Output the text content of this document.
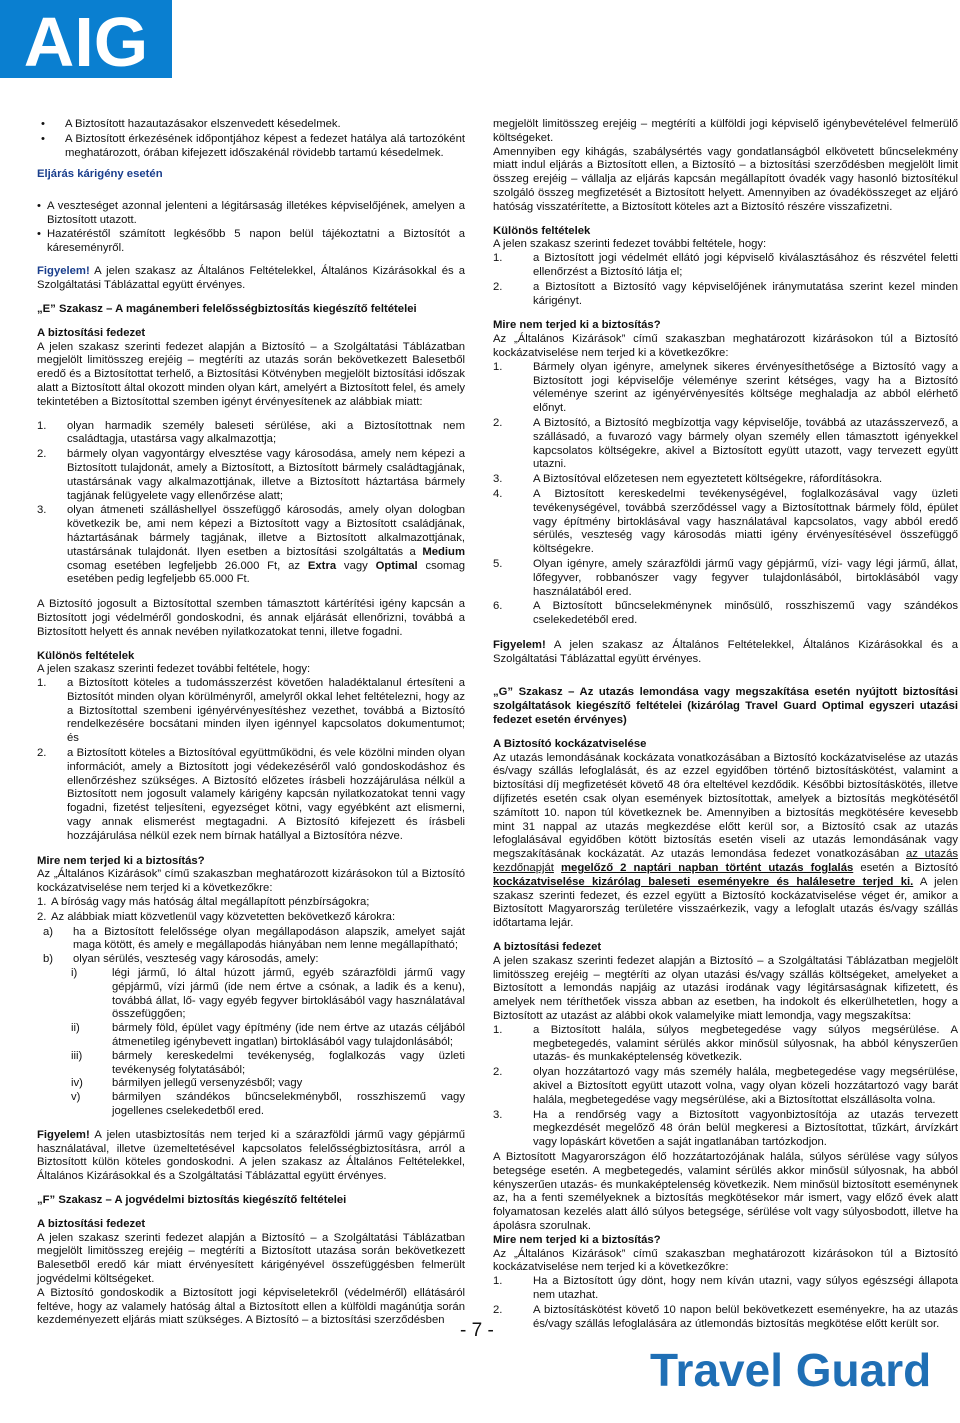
AIG

• A Biztosított hazautazásakor elszenvedett késedelmek.

• A Biztosított érkezésének időpontjához képest a fedezet hatálya alá tartozóként meghatározott, órában kifejezett időszakénál rövidebb tartamú késedelmek.

Eljárás kárigény esetén

• A veszteséget azonnal jelenteni a légitársaság illetékes képviselőjének, amelyen a Biztosított utazott.

• Hazatéréstől számított legkésőbb 5 napon belül tájékoztatni a Biztosítót a káreseményről.

Figyelem! A jelen szakasz az Általános Feltételekkel, Általános Kizárásokkal és a Szolgáltatási Táblázattal együtt érvényes.

„E” Szakasz – A magánemberi felelősségbiztosítás kiegészítő feltételei

A biztosítási fedezet

A jelen szakasz szerinti fedezet alapján a Biztosító – a Szolgáltatási Táblázatban megjelölt limitösszeg erejéig – megtéríti az utazás során bekövetkezett Balesetből eredő és a Biztosítottat terhelő, a Biztosítási Kötvényben megjelölt biztosítási időszak alatt a Biztosított által okozott minden olyan kárt, amelyért a Biztosított felel, és amely tekintetében a Biztosítottal szemben igényt érvényesítenek az alábbiak miatt:

1.	olyan harmadik személy baleseti sérülése, aki a Biztosítottnak nem családtagja, utastársa vagy alkalmazottja;
2.	bármely olyan vagyontárgy elvesztése vagy károsodása, amely nem képezi a Biztosított tulajdonát, amely a Biztosított, a Biztosított bármely családtagjának, utastársának vagy alkalmazottjának, illetve a Biztosított háztartása bármely tagjának felügyelete vagy ellenőrzése alatt;
3.	olyan átmeneti szálláshellyel összefüggő károsodás, amely olyan dologban következik be, ami nem képezi a Biztosított vagy a Biztosított családjának, háztartásának bármely tagjának, illetve a Biztosított alkalmazottjának, utastársának tulajdonát. Ilyen esetben a biztosítási szolgáltatás a Medium csomag esetében legfeljebb 26.000 Ft, az Extra vagy Optimal csomag esetében pedig legfeljebb 65.000 Ft.

A Biztosító jogosult a Biztosítottal szemben támasztott kártérítési igény kapcsán a Biztosított jogi védelméről gondoskodni, és annak eljárását ellenőrizni, továbbá a Biztosított helyett és annak nevében nyilatkozatokat tenni, illetve fogadni.

Különös feltételek

A jelen szakasz szerinti fedezet további feltétele, hogy:

1.	a Biztosított köteles a tudomásszerzést követően haladéktalanul értesíteni a Biztosítót minden olyan körülményről, amelyről okkal lehet feltételezni, hogy az a Biztosítottal szembeni igényérvényesítéshez vezethet, továbbá a Biztosító rendelkezésére bocsátani minden ilyen igénnyel kapcsolatos dokumentumot; és
2.	a Biztosított köteles a Biztosítóval együttműködni, és vele közölni minden olyan információt, amely a Biztosított jogi védekezéséről való gondoskodáshoz és ellenőrzéshez szükséges. A Biztosító előzetes írásbeli hozzájárulása nélkül a Biztosított nem jogosult valamely kárigény kapcsán nyilatkozatokat tenni vagy fogadni, fizetést teljesíteni, egyezséget kötni, vagy egyébként azt elismerni, vagy annak elismerést megtagadni. A Biztosító kifejezett és írásbeli hozzájárulása nélkül ezek nem bírnak hatállyal a Biztosítóra nézve.

Mire nem terjed ki a biztosítás?

Az „Általános Kizárások” című szakaszban meghatározott kizárásokon túl a Biztosító kockázatviselése nem terjed ki a következőkre:

1. A bíróság vagy más hatóság által megállapított pénzbírságokra;
2. Az alábbiak miatt közvetlenül vagy közvetetten bekövetkező károkra:
a)	ha a Biztosított felelőssége olyan megállapodáson alapszik, amelyet saját maga kötött, és amely e megállapodás hiányában nem lenne megállapítható;
b)	olyan sérülés, veszteség vagy károsodás, amely:
i)	légi jármű, ló által húzott jármű, egyéb szárazföldi jármű vagy gépjármű, vízi jármű (ide nem értve a csónak, a ladik és a kenu), továbbá állat, lő- vagy egyéb fegyver birtoklásából vagy használatával összefüggően;
ii)	bármely föld, épület vagy építmény (ide nem értve az utazás céljából átmenetileg igénybevett ingatlan) birtoklásából vagy tulajdonlásából;
iii)	bármely kereskedelmi tevékenység, foglalkozás vagy üzleti tevékenység folytatásából;
iv)	bármilyen jellegű versenyzésből; vagy
v)	bármilyen szándékos bűncselekményből, rosszhiszemű vagy jogellenes cselekedetből ered.

Figyelem! A jelen utasbiztosítás nem terjed ki a szárazföldi jármű vagy gépjármű használatával, illetve üzemeltetésével kapcsolatos felelősségbiztosításra, arról a Biztosított külön köteles gondoskodni. A jelen szakasz az Általános Feltételekkel, Általános Kizárásokkal és a Szolgáltatási Táblázattal együtt érvényes.

„F” Szakasz – A jogvédelmi biztosítás kiegészítő feltételei

A biztosítási fedezet

A jelen szakasz szerinti fedezet alapján a Biztosító – a Szolgáltatási Táblázatban megjelölt limitösszeg erejéig – megtéríti a Biztosított utazása során bekövetkezett Balesetből eredő kár miatt érvényesített kárigényével összefüggésben felmerült jogvédelmi költségeket.

A Biztosító gondoskodik a Biztosított jogi képviseletekről (védelméről) ellátásáról feltéve, hogy az valamely hatóság által a Biztosított ellen a külföldi magánútja során kezdeményezett eljárás miatt szükséges. A Biztosító – a biztosítási szerződésben

megjelölt limitösszeg erejéig – megtéríti a külföldi jogi képviselő igénybevételével felmerülő költségeket.

Amennyiben egy kihágás, szabálysértés vagy gondatlanságból elkövetett bűncselekmény miatt indul eljárás a Biztosított ellen, a Biztosító – a biztosítási szerződésben megjelölt limit összeg erejéig – vállalja az eljárás kapcsán megállapított óvadék vagy hasonló biztosítékul szolgáló összeg megfizetését a Biztosított helyett. Amennyiben az óvadékösszeget az eljáró hatóság visszatérítette, a Biztosított köteles azt a Biztosító részére visszafizetni.

Különös feltételek

A jelen szakasz szerinti fedezet további feltétele, hogy:

1.	a Biztosított jogi védelmét ellátó jogi képviselő kiválasztásához és részvétel feletti ellenőrzést a Biztosító látja el;
2.	a Biztosított a Biztosító vagy képviselőjének iránymutatása szerint kezel minden kárigényt.

Mire nem terjed ki a biztosítás?

Az „Általános Kizárások” című szakaszban meghatározott kizárásokon túl a Biztosító kockázatviselése nem terjed ki a következőkre:

1.	Bármely olyan igényre, amelynek sikeres érvényesíthetősége a Biztosító vagy a Biztosított jogi képviselője véleménye szerint kétséges, vagy ha a Biztosító véleménye szerint az igényérvényesítés költsége meghaladja az abból elérhető előnyt.
2.	A Biztosító, a Biztosító megbízottja vagy képviselője, továbbá az utazásszervező, a szállásadó, a fuvarozó vagy bármely olyan személy ellen támasztott igényekkel kapcsolatos költségekre, akivel a Biztosított együtt utazott, vagy tervezett együtt utazni.
3.	A Biztosítóval előzetesen nem egyeztetett költségekre, ráfordításokra.
4.	A Biztosított kereskedelmi tevékenységével, foglalkozásával vagy üzleti tevékenységével, továbbá szerződéssel vagy a Biztosítottnak bármely föld, épület vagy építmény birtoklásával vagy használatával kapcsolatos, vagy abból eredő sérülés, veszteség vagy károsodás miatti igény érvényesítésével összefüggő költségekre.
5.	Olyan igényre, amely szárazföldi jármű vagy gépjármű, vízi- vagy légi jármű, állat, lőfegyver, robbanószer vagy fegyver tulajdonlásából, birtoklásából vagy használatából ered.
6.	A Biztosított bűncselekménynek minősülő, rosszhiszemű vagy szándékos cselekedetéből ered.

Figyelem! A jelen szakasz az Általános Feltételekkel, Általános Kizárásokkal és a Szolgáltatási Táblázattal együtt érvényes.

„G” Szakasz – Az utazás lemondása vagy megszakítása esetén nyújtott biztosítási szolgáltatások kiegészítő feltételei (kizárólag Travel Guard Optimal egyszeri utazási fedezet esetén érvényes)

A Biztosító kockázatviselése

Az utazás lemondásának kockázata vonatkozásában a Biztosító kockázatviselése az utazás és/vagy szállás lefoglalását, és az ezzel egyidőben történő biztosításkötést, valamint a biztosítási díj megfizetését követő 48 óra elteltével kezdődik. Későbbi biztosításkötés, illetve díjfizetés esetén csak olyan események biztosítottak, amelyek a biztosítás megkötésétől számított 10. napon túl következnek be. Amennyiben a biztosítás megkötésére kevesebb mint 31 nappal az utazás megkezdése előtt kerül sor, a Biztosító csak az utazás lefoglalásával egyidőben kötött biztosítás esetén viseli az utazás lemondásának vagy megszakításának kockázatát. Az utazás lemondása fedezet vonatkozásában az utazás kezdőnapját megelőző 2 naptári napban történt utazás foglalás esetén a Biztosító kockázatviselése kizárólag baleseti eseményekre és halálesetre terjed ki. A jelen szakasz szerinti fedezet, és ezzel együtt a Biztosító kockázatviselése véget ér, amikor a Biztosított Magyarország területére visszaérkezik, vagy a lefoglalt utazás és/vagy szállás időtartama lejár.

A biztosítási fedezet

A jelen szakasz szerinti fedezet alapján a Biztosító – a Szolgáltatási Táblázatban megjelölt limitösszeg erejéig – megtéríti az olyan utazási és/vagy szállás költségeket, amelyeket a Biztosított a lemondás napjáig az utazási irodának vagy légitársaságnak kifizetett, és amelyek nem téríthetőek vissza abban az esetben, ha indokolt és elkerülhetetlen, hogy a Biztosított az utazást az alábbi okok valamelyike miatt lemondja, vagy megszakítsa:

1.	a Biztosított halála, súlyos megbetegedése vagy súlyos megsérülése. A megbetegedés, valamint sérülés akkor minősül súlyosnak, ha abból kényszerűen utazás- és munkaképtelenség következik.
2.	olyan hozzátartozó vagy más személy halála, megbetegedése vagy megsérülése, akivel a Biztosított együtt utazott volna, vagy olyan közeli hozzátartozó vagy barát halála, megbetegedése vagy megsérülése, aki a Biztosítottat elszállásolta volna.
3.	Ha a rendőrség vagy a Biztosított vagyonbiztosítója az utazás tervezett megkezdését megelőző 48 órán belül megkeresi a Biztosítottat, tűzkárt, árvízkárt vagy lopáskárt követően a saját ingatlanában tartózkodjon.

A Biztosított Magyarországon élő hozzátartozójának halála, súlyos sérülése vagy súlyos betegsége esetén. A megbetegedés, valamint sérülés akkor minősül súlyosnak, ha abból kényszerűen utazás- és munkaképtelenség következik. Nem minősül biztosított eseménynek az, ha a fenti személyeknek a biztosítás megkötésekor már ismert, vagy előző évek alatt folyamatosan kezelés alatt álló súlyos betegsége, sérülése volt vagy súlyosbodott, illetve ha ápolásra szorulnak.

Mire nem terjed ki a biztosítás?

Az „Általános Kizárások” című szakaszban meghatározott kizárásokon túl a Biztosító kockázatviselése nem terjed ki a következőkre:

1.	Ha a Biztosított úgy dönt, hogy nem kíván utazni, vagy súlyos egészségi állapota nem utazhat.
2.	A biztosításkötést követő 10 napon belül bekövetkezett eseményekre, ha az utazás és/vagy szállás lefoglalására az útlemondás biztosítás megkötése előtt került sor.
- 7 -
Travel Guard
